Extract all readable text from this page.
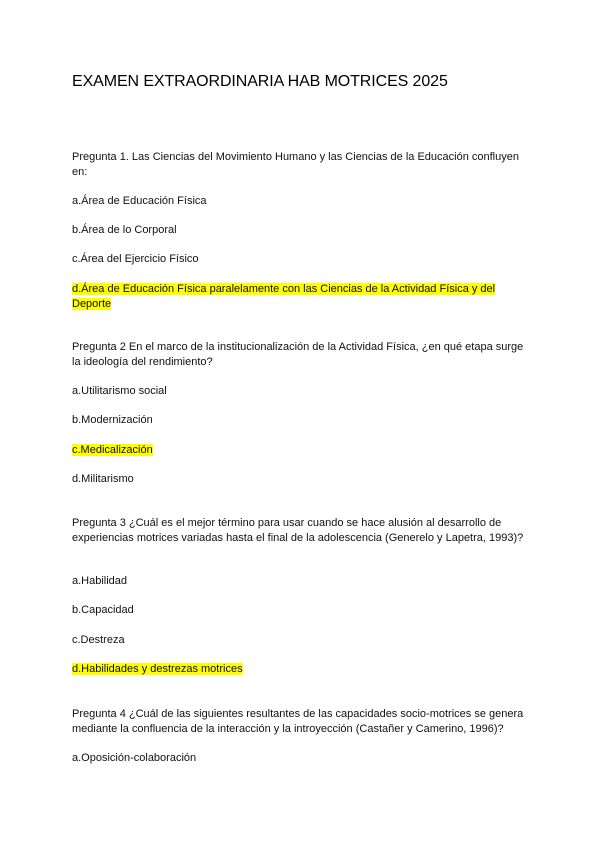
EXAMEN EXTRAORDINARIA HAB MOTRICES 2025

Pregunta 1. Las Ciencias del Movimiento Humano y las Ciencias de la Educación confluyen en:

a.Área de Educación Física

b.Área de lo Corporal

c.Área del Ejercicio Físico

d.Área de Educación Física paralelamente con las Ciencias de la Actividad Física y del Deporte

Pregunta 2 En el marco de la institucionalización de la Actividad Física, ¿en qué etapa surge la ideología del rendimiento?

a.Utilitarismo social

b.Modernización

c.Medicalización

d.Militarismo

Pregunta 3 ¿Cuál es el mejor término para usar cuando se hace alusión al desarrollo de experiencias motrices variadas hasta el final de la adolescencia (Generelo y Lapetra, 1993)?

a.Habilidad

b.Capacidad

c.Destreza

d.Habilidades y destrezas motrices

Pregunta 4 ¿Cuál de las siguientes resultantes de las capacidades socio-motrices se genera mediante la confluencia de la interacción y la introyección (Castañer y Camerino, 1996)?

a.Oposición-colaboración
